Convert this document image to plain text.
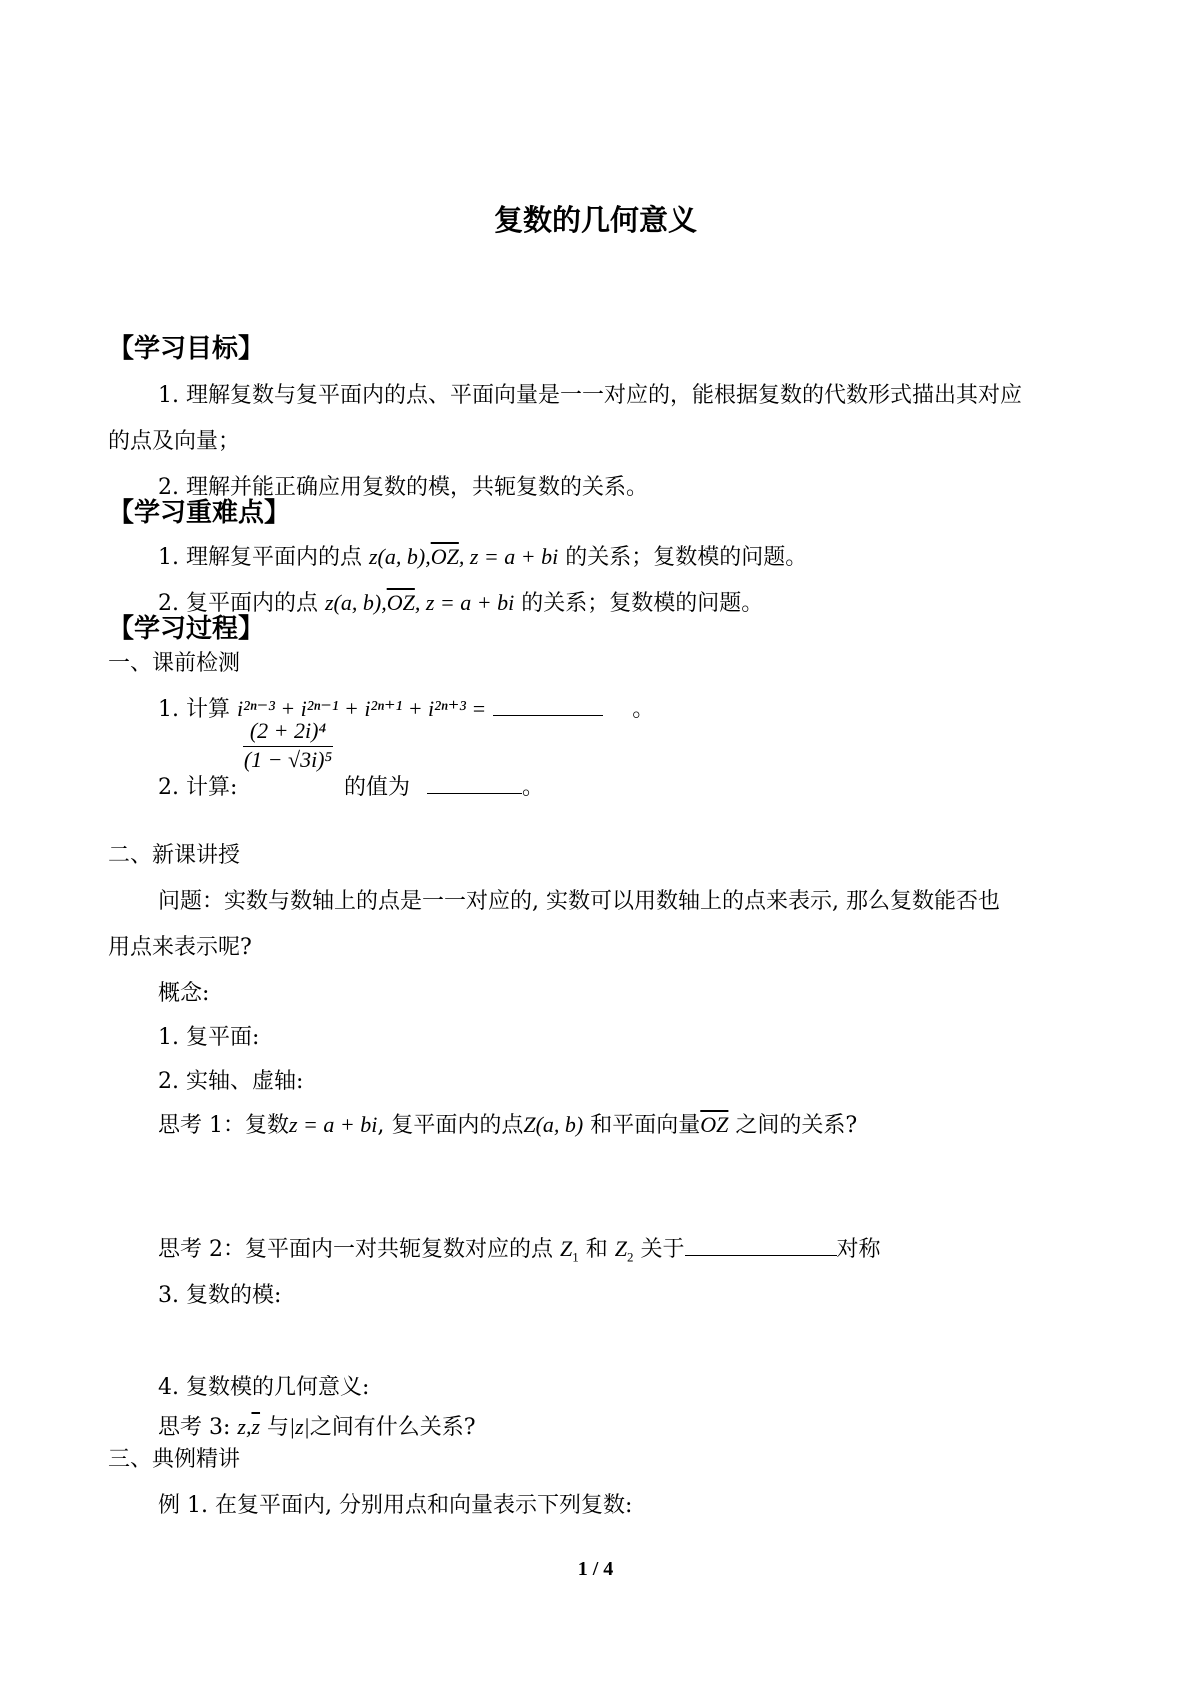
复数的几何意义
【学习目标】
1. 理解复数与复平面内的点、平面向量是一一对应的，能根据复数的代数形式描出其对应
的点及向量；
2. 理解并能正确应用复数的模，共轭复数的关系。
【学习重难点】
1. 理解复平面内的点 z(a, $b),\overline{OZ}$, z = a + bi 的关系；复数模的问题。
2. 复平面内的点 z(a, $b),\overline{OZ}$, z = a + bi 的关系；复数模的问题。
【学习过程】
一、课前检测
1. 计算 i²ⁿ⁻³ + i²ⁿ⁻¹ + i²ⁿ⁺¹ + i²ⁿ⁺³ =	。
2. 计算:
$\frac{\text{(2 + 2i)⁴}}{\text{(1 − √3i)⁵}}$
的值为	。
二、新课讲授
问题：实数与数轴上的点是一一对应的, 实数可以用数轴上的点来表示, 那么复数能否也
用点来表示呢?
概念:
1. 复平面:
2. 实轴、虚轴:
思考 1：复数z = a + bi, 复平面内的点Z(a, b) 和平面向量$\overline{OZ}$ 之间的关系?
思考 2：复平面内一对共轭复数对应的点 $Z_1$ 和 $Z_2$ 关于	对称
3. 复数的模:
4. 复数模的几何意义:
思考 3: $z,\overline{z}$ 与|z|之间有什么关系?
三、典例精讲
例 1. 在复平面内, 分别用点和向量表示下列复数:
1 / 4
